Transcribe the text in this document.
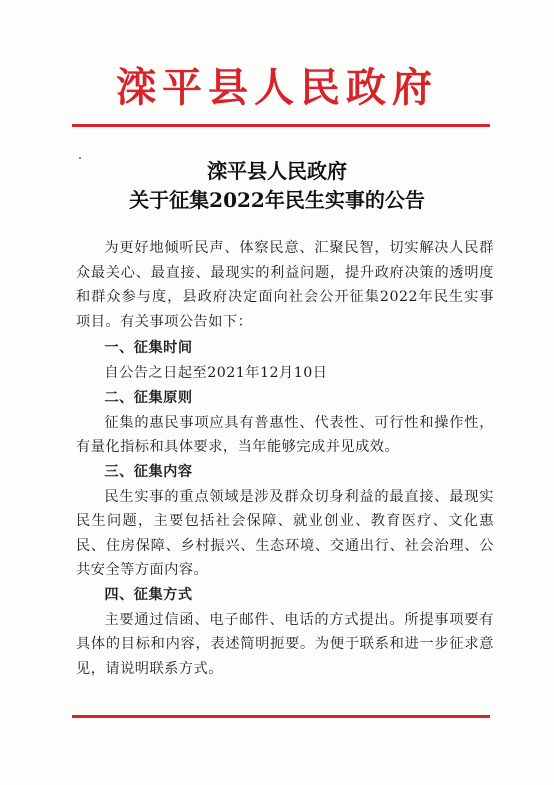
滦平县人民政府
滦平县人民政府
关于征集2022年民生实事的公告

为更好地倾听民声、体察民意、汇聚民智，切实解决人民群众最关心、最直接、最现实的利益问题，提升政府决策的透明度和群众参与度，县政府决定面向社会公开征集2022年民生实事项目。有关事项公告如下：

一、征集时间

自公告之日起至2021年12月10日

二、征集原则

征集的惠民事项应具有普惠性、代表性、可行性和操作性，有量化指标和具体要求，当年能够完成并见成效。

三、征集内容

民生实事的重点领域是涉及群众切身利益的最直接、最现实民生问题，主要包括社会保障、就业创业、教育医疗、文化惠民、住房保障、乡村振兴、生态环境、交通出行、社会治理、公共安全等方面内容。

四、征集方式

主要通过信函、电子邮件、电话的方式提出。所提事项要有具体的目标和内容，表述简明扼要。为便于联系和进一步征求意见，请说明联系方式。
